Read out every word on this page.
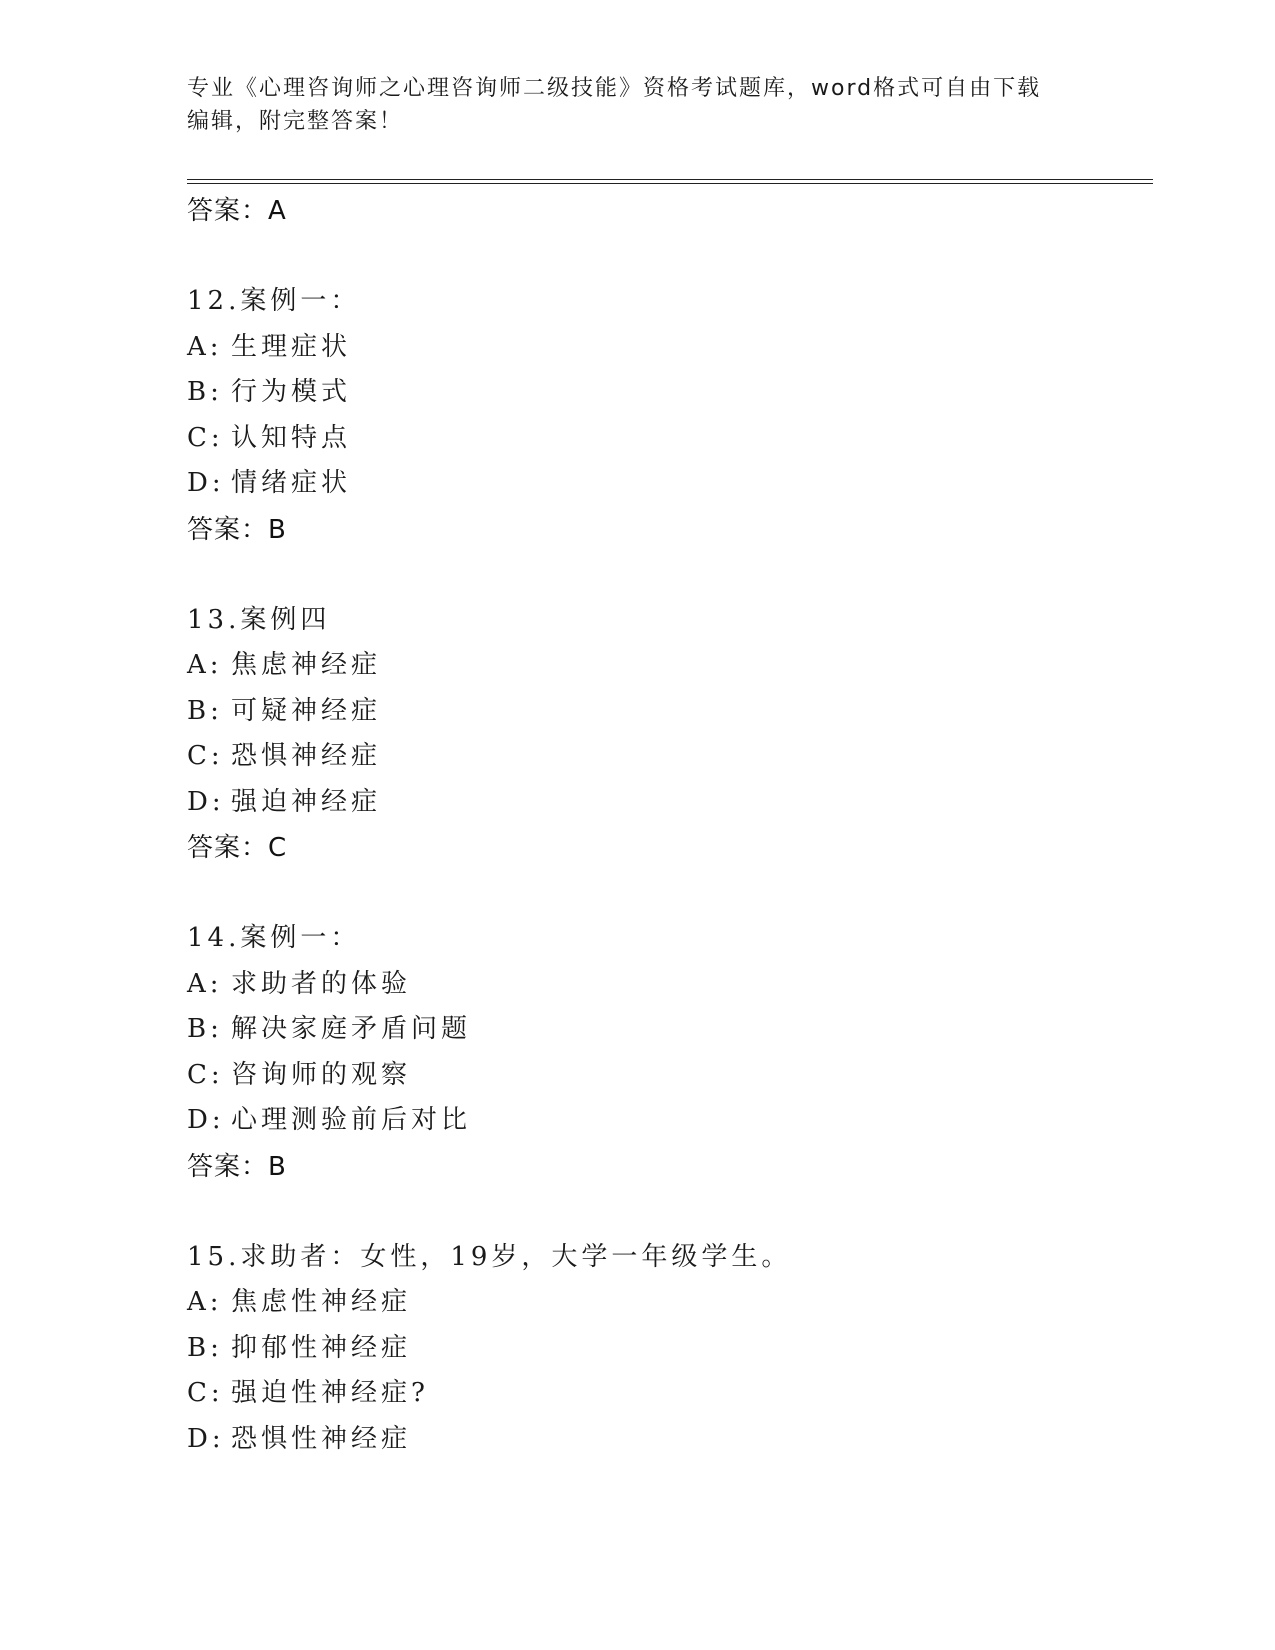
专业《心理咨询师之心理咨询师二级技能》资格考试题库，word格式可自由下载
编辑，附完整答案！
答案：A
12.案例一：
A: 生理症状
B: 行为模式
C: 认知特点
D: 情绪症状
答案：B
13.案例四
A: 焦虑神经症
B: 可疑神经症
C: 恐惧神经症
D: 强迫神经症
答案：C
14.案例一：
A: 求助者的体验
B: 解决家庭矛盾问题
C: 咨询师的观察
D: 心理测验前后对比
答案：B
15.求助者：女性，19岁，大学一年级学生。
A: 焦虑性神经症
B: 抑郁性神经症
C: 强迫性神经症?
D: 恐惧性神经症
